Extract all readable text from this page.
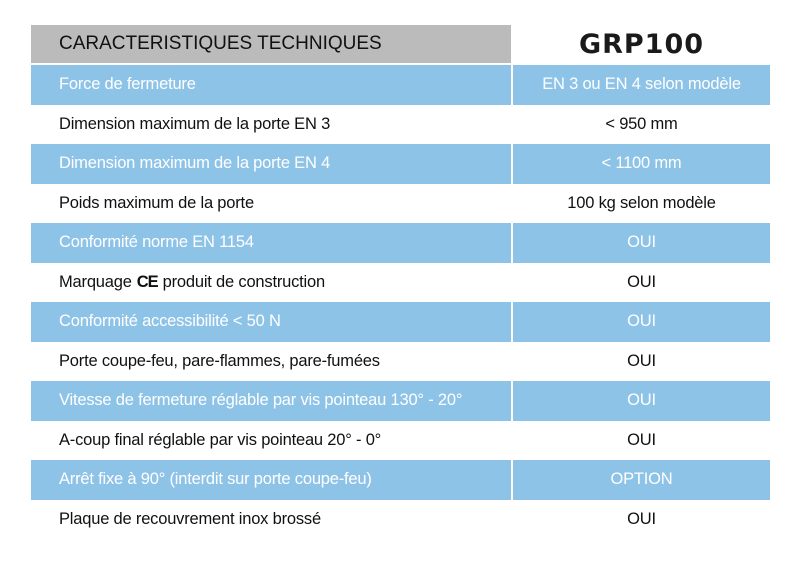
CARACTERISTIQUES TECHNIQUES	GRP100
Force de fermeture	EN 3 ou EN 4 selon modèle
Dimension maximum de la porte EN 3	< 950 mm
Dimension maximum de la porte EN 4	< 1100 mm
Poids maximum de la porte	100 kg selon modèle
Conformité norme EN 1154	OUI
Marquage CE produit de construction	OUI
Conformité accessibilité < 50 N	OUI
Porte coupe-feu, pare-flammes, pare-fumées	OUI
Vitesse de fermeture réglable par vis pointeau 130° - 20°	OUI
A-coup final réglable par vis pointeau 20° - 0°	OUI
Arrêt fixe à 90° (interdit sur porte coupe-feu)	OPTION
Plaque de recouvrement inox brossé	OUI
